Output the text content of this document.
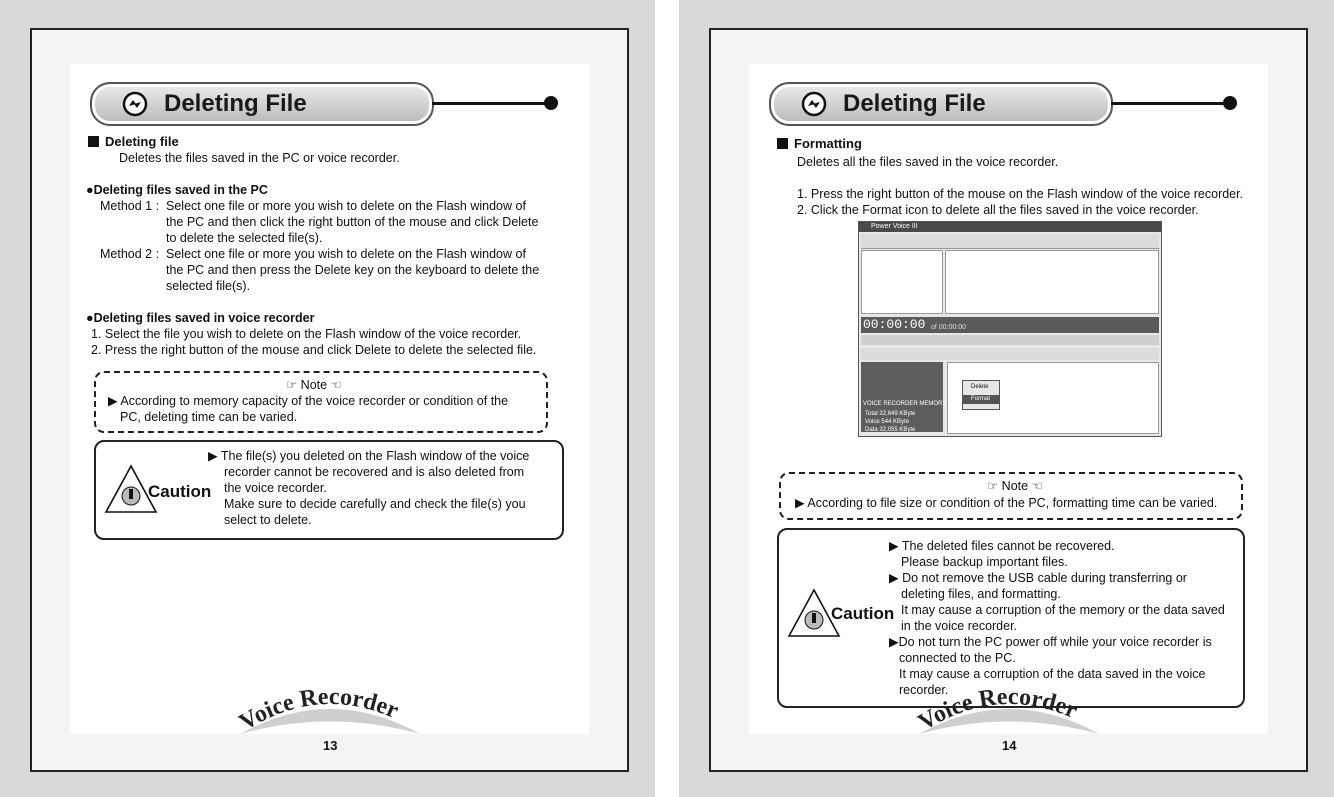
Deleting File
Deleting file
Deletes the files saved in the PC or voice recorder.
●Deleting files saved in the PC
Method 1 : Select one file or more you wish to delete on the Flash window of
the PC and then click the right button of the mouse and click Delete
to delete the selected file(s).
Method 2 : Select one file or more you wish to delete on the Flash window of
the PC and then press the Delete key on the keyboard to delete the
selected file(s).
●Deleting files saved in voice recorder
1. Select the file you wish to delete on the Flash window of the voice recorder.
2. Press the right button of the mouse and click Delete to delete the selected file.
☞ Note ☜
▶ According to memory capacity of the voice recorder or condition of the
PC, deleting time can be varied.
Caution
▶ The file(s) you deleted on the Flash window of the voice
recorder cannot be recovered and is also deleted from
the voice recorder.
Make sure to decide carefully and check the file(s) you
select to delete.
Voice Recorder
13
Deleting File
Formatting
Deletes all the files saved in the voice recorder.
1. Press the right button of the mouse on the Flash window of the voice recorder.
2. Click the Format icon to delete all the files saved in the voice recorder.
Power Voice III
00:00:00 of 00:00:00
VOICE RECORDER MEMORY
Total 32,649 KByte
Voice 544 KByte
Data 32,055 KByte
Delete
Format
☞ Note ☜
▶ According to file size or condition of the PC, formatting time can be varied.
Caution
▶ The deleted files cannot be recovered.
Please backup important files.
▶ Do not remove the USB cable during transferring or
deleting files, and formatting.
It may cause a corruption of the memory or the data saved
in the voice recorder.
▶Do not turn the PC power off while your voice recorder is
connected to the PC.
It may cause a corruption of the data saved in the voice
recorder.
Voice Recorder
14
